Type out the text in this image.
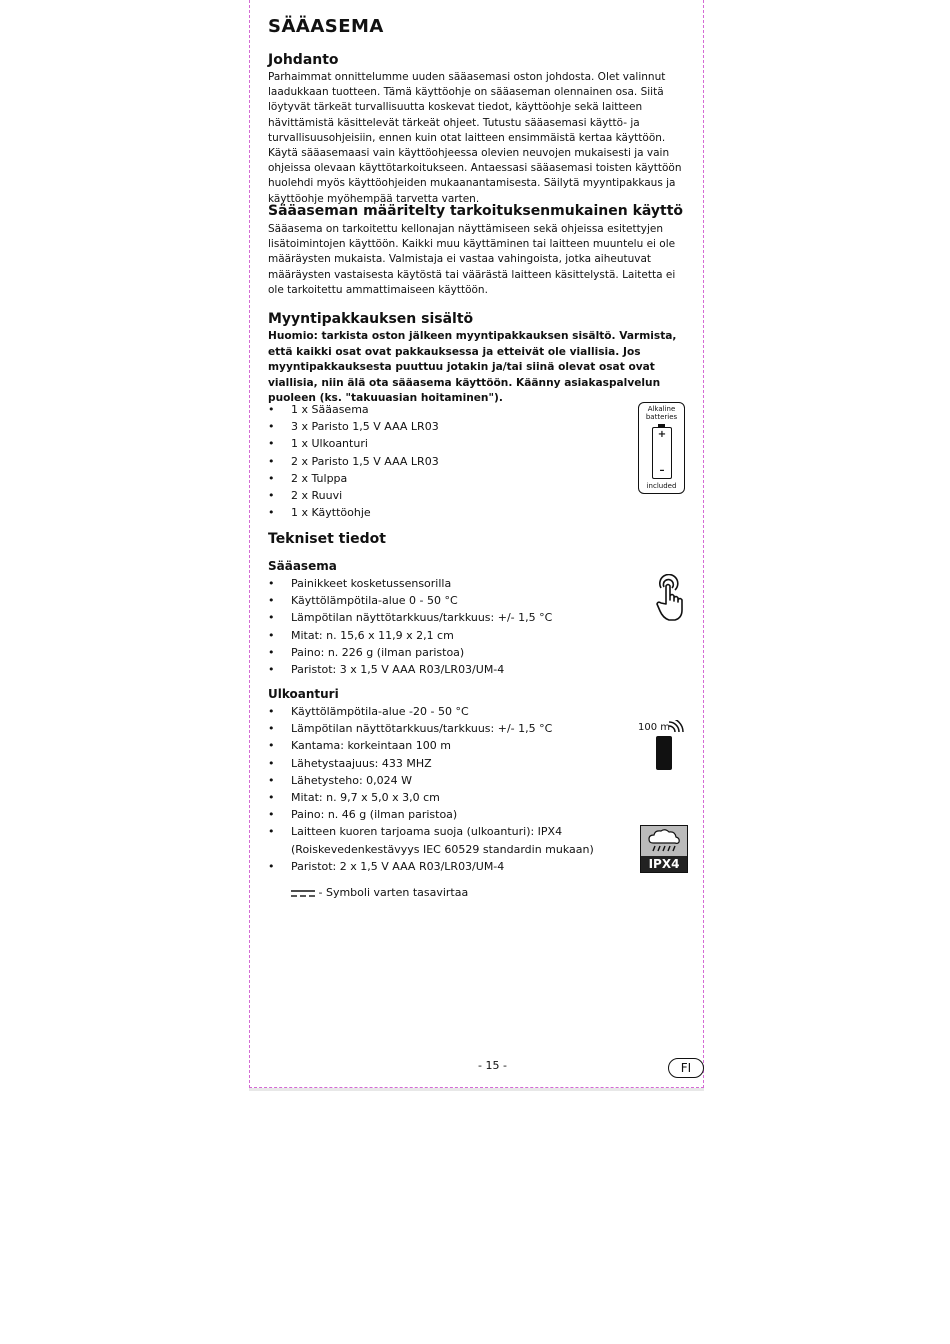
SÄÄASEMA
Johdanto

Parhaimmat onnittelumme uuden sääasemasi oston johdosta. Olet valinnut laadukkaan tuotteen. Tämä käyttöohje on sääaseman olennainen osa. Siitä löytyvät tärkeät turvallisuutta koskevat tiedot, käyttöohje sekä laitteen hävittämistä käsittelevät tärkeät ohjeet. Tutustu sääasemasi käyttö- ja turvallisuusohjeisiin, ennen kuin otat laitteen ensimmäistä kertaa käyttöön. Käytä sääasemaasi vain käyttöohjeessa olevien neuvojen mukaisesti ja vain ohjeissa olevaan käyttötarkoitukseen. Antaessasi sääasemasi toisten käyttöön huolehdi myös käyttöohjeiden mukaanantamisesta. Säilytä myyntipakkaus ja käyttöohje myöhempää tarvetta varten.

Sääaseman määritelty tarkoituksenmukainen käyttö

Sääasema on tarkoitettu kellonajan näyttämiseen sekä ohjeissa esitettyjen lisätoimintojen käyttöön. Kaikki muu käyttäminen tai laitteen muuntelu ei ole määräysten mukaista. Valmistaja ei vastaa vahingoista, jotka aiheutuvat määräysten vastaisesta käytöstä tai väärästä laitteen käsittelystä. Laitetta ei ole tarkoitettu ammattimaiseen käyttöön.

Myyntipakkauksen sisältö

Huomio: tarkista oston jälkeen myyntipakkauksen sisältö. Varmista, että kaikki osat ovat pakkauksessa ja etteivät ole viallisia. Jos myyntipakkauksesta puuttuu jotakin ja/tai siinä olevat osat ovat viallisia, niin älä ota sääasema käyttöön. Käänny asiakaspalvelun puoleen (ks. "takuuasian hoitaminen").

• 1 x Sääasema
• 3 x Paristo 1,5 V AAA LR03
• 1 x Ulkoanturi
• 2 x Paristo 1,5 V AAA LR03
• 2 x Tulppa
• 2 x Ruuvi
• 1 x Käyttöohje
Alkaline batteries
+
–
included
Tekniset tiedot
Sääasema
• Painikkeet kosketussensorilla
• Käyttölämpötila-alue 0 - 50 °C
• Lämpötilan näyttötarkkuus/tarkkuus: +/- 1,5 °C
• Mitat: n. 15,6 x 11,9 x 2,1 cm
• Paino: n. 226 g (ilman paristoa)
• Paristot: 3 x 1,5 V AAA R03/LR03/UM-4
Ulkoanturi
• Käyttölämpötila-alue -20 - 50 °C
• Lämpötilan näyttötarkkuus/tarkkuus: +/- 1,5 °C
• Kantama: korkeintaan 100 m
• Lähetystaajuus: 433 MHZ
• Lähetysteho: 0,024 W
• Mitat: n. 9,7 x 5,0 x 3,0 cm
• Paino: n. 46 g (ilman paristoa)
• Laitteen kuoren tarjoama suoja (ulkoanturi): IPX4 (Roiskevedenkestävyys IEC 60529 standardin mukaan)
• Paristot: 2 x 1,5 V AAA R03/LR03/UM-4
100 m
IPX4
- Symboli varten tasavirtaa
- 15 -	FI
